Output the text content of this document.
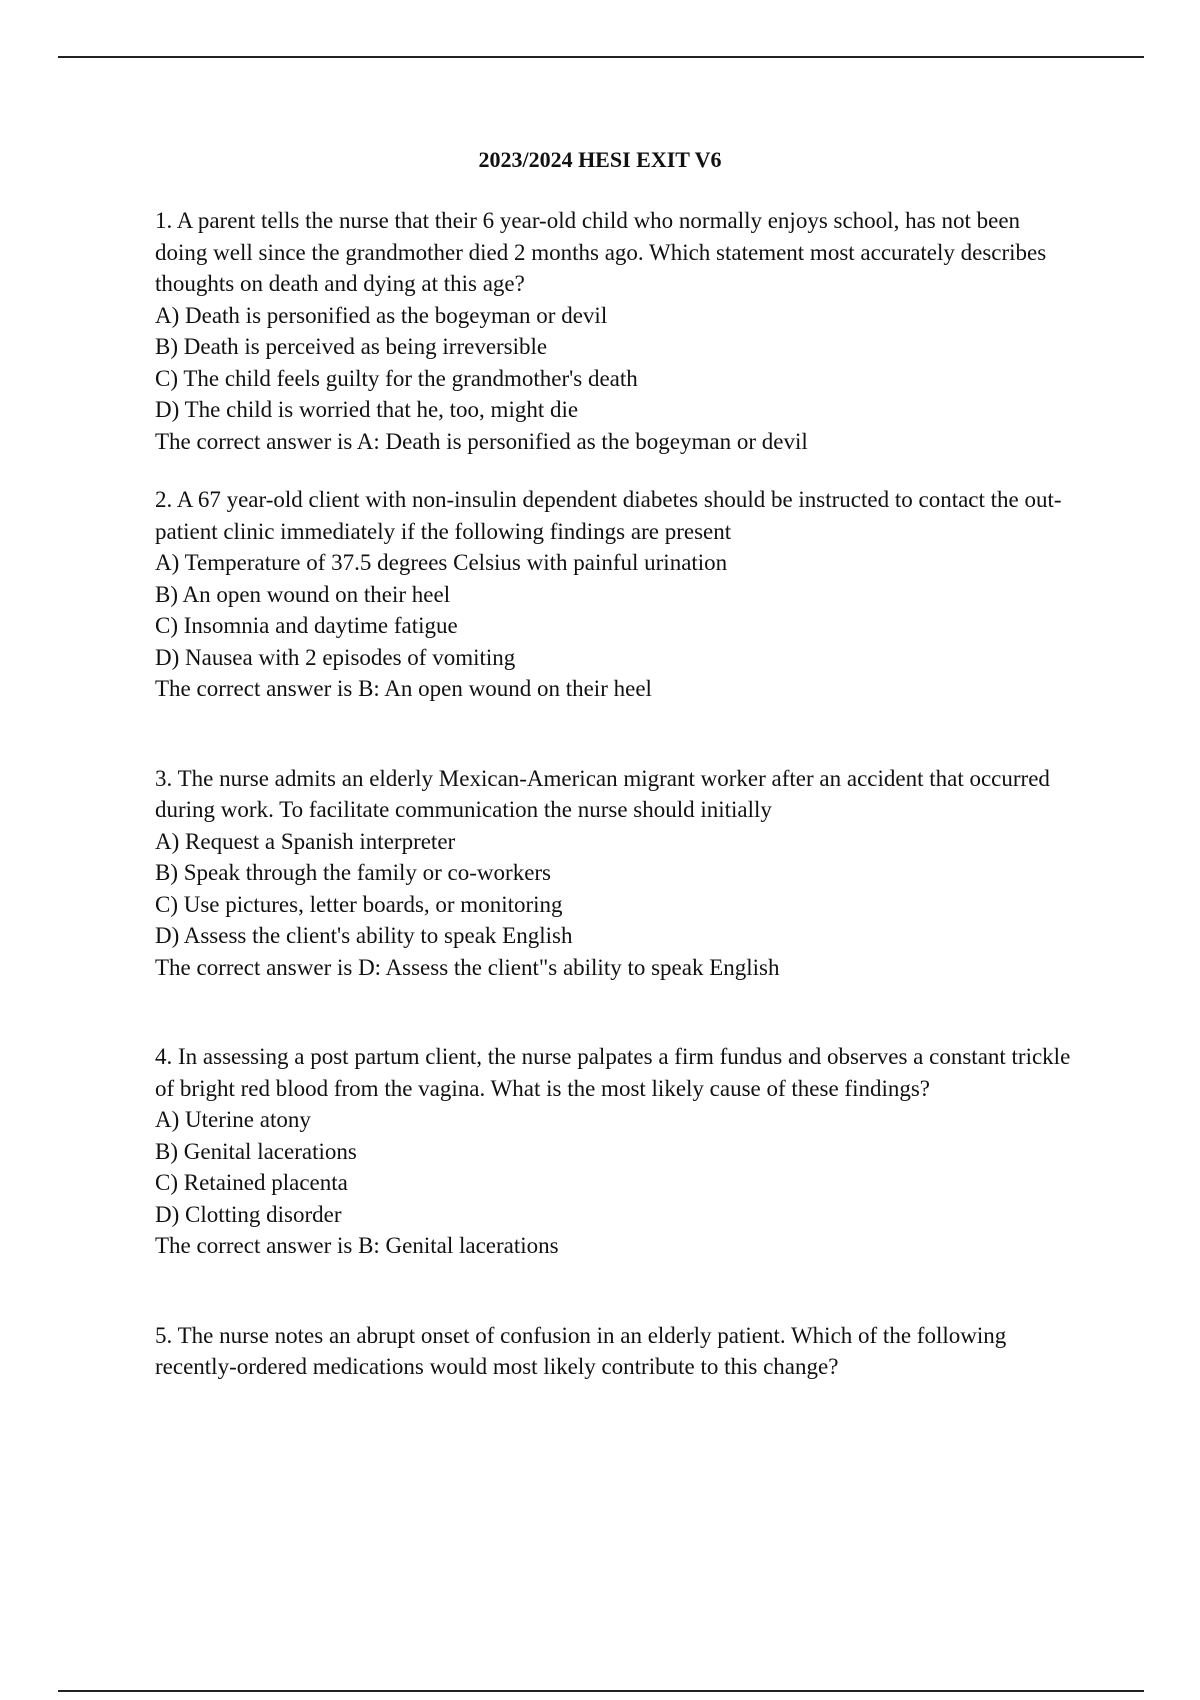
2023/2024 HESI EXIT V6
1. A parent tells the nurse that their 6 year-old child who normally enjoys school, has not been doing well since the grandmother died 2 months ago. Which statement most accurately describes thoughts on death and dying at this age?
A) Death is personified as the bogeyman or devil
B) Death is perceived as being irreversible
C) The child feels guilty for the grandmother's death
D) The child is worried that he, too, might die
The correct answer is A: Death is personified as the bogeyman or devil
2. A 67 year-old client with non-insulin dependent diabetes should be instructed to contact the out-patient clinic immediately if the following findings are present
A) Temperature of 37.5 degrees Celsius with painful urination
B) An open wound on their heel
C) Insomnia and daytime fatigue
D) Nausea with 2 episodes of vomiting
The correct answer is B: An open wound on their heel
3. The nurse admits an elderly Mexican-American migrant worker after an accident that occurred during work. To facilitate communication the nurse should initially
A) Request a Spanish interpreter
B) Speak through the family or co-workers
C) Use pictures, letter boards, or monitoring
D) Assess the client's ability to speak English
The correct answer is D: Assess the client"s ability to speak English
4. In assessing a post partum client, the nurse palpates a firm fundus and observes a constant trickle of bright red blood from the vagina. What is the most likely cause of these findings?
A) Uterine atony
B) Genital lacerations
C) Retained placenta
D) Clotting disorder
The correct answer is B: Genital lacerations
5. The nurse notes an abrupt onset of confusion in an elderly patient. Which of the following recently-ordered medications would most likely contribute to this change?
